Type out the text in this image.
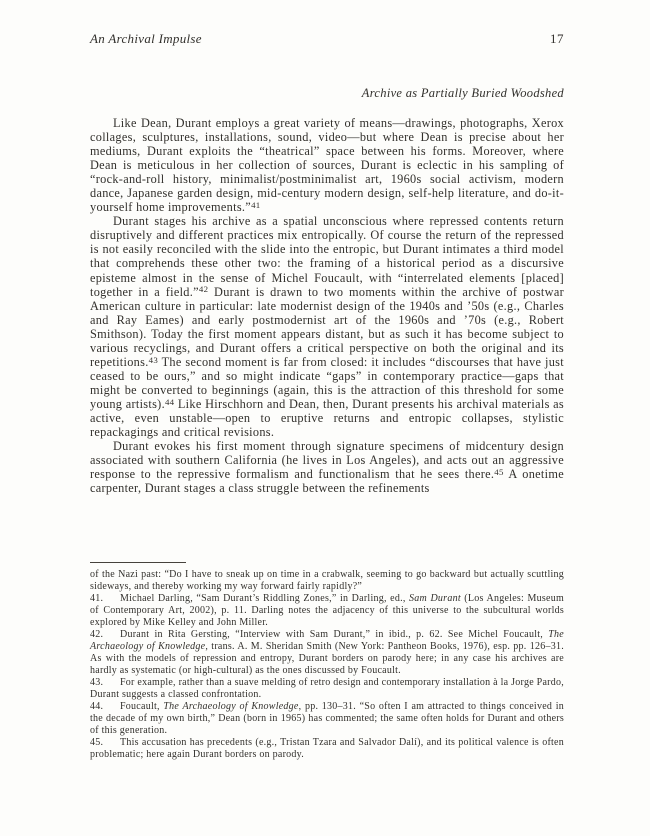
An Archival Impulse	17
Archive as Partially Buried Woodshed

Like Dean, Durant employs a great variety of means—drawings, photographs, Xerox collages, sculptures, installations, sound, video—but where Dean is precise about her mediums, Durant exploits the “theatrical” space between his forms. Moreover, where Dean is meticulous in her collection of sources, Durant is eclectic in his sampling of “rock-and-roll history, minimalist/postminimalist art, 1960s social activism, modern dance, Japanese garden design, mid-century modern design, self-help literature, and do-it-yourself home improvements.”$^{41}$

Durant stages his archive as a spatial unconscious where repressed contents return disruptively and different practices mix entropically. Of course the return of the repressed is not easily reconciled with the slide into the entropic, but Durant intimates a third model that comprehends these other two: the framing of a historical period as a discursive episteme almost in the sense of Michel Foucault, with “interrelated elements [placed] together in a field.”$^{42}$ Durant is drawn to two moments within the archive of postwar American culture in particular: late modernist design of the 1940s and ’50s (e.g., Charles and Ray Eames) and early postmodernist art of the 1960s and ’70s (e.g., Robert Smithson). Today the first moment appears distant, but as such it has become subject to various recyclings, and Durant offers a critical perspective on both the original and its repetitions.$^{43}$ The second moment is far from closed: it includes “discourses that have just ceased to be ours,” and so might indicate “gaps” in contemporary practice—gaps that might be converted to beginnings (again, this is the attraction of this threshold for some young artists).$^{44}$ Like Hirschhorn and Dean, then, Durant presents his archival materials as active, even unstable—open to eruptive returns and entropic collapses, stylistic repackagings and critical revisions.

Durant evokes his first moment through signature specimens of midcentury design associated with southern California (he lives in Los Angeles), and acts out an aggressive response to the repressive formalism and functionalism that he sees there.$^{45}$ A onetime carpenter, Durant stages a class struggle between the refinements

of the Nazi past: “Do I have to sneak up on time in a crabwalk, seeming to go backward but actually scuttling sideways, and thereby working my way forward fairly rapidly?”

41. Michael Darling, “Sam Durant’s Riddling Zones,” in Darling, ed., Sam Durant (Los Angeles: Museum of Contemporary Art, 2002), p. 11. Darling notes the adjacency of this universe to the subcultural worlds explored by Mike Kelley and John Miller.

42. Durant in Rita Gersting, “Interview with Sam Durant,” in ibid., p. 62. See Michel Foucault, The Archaeology of Knowledge, trans. A. M. Sheridan Smith (New York: Pantheon Books, 1976), esp. pp. 126–31. As with the models of repression and entropy, Durant borders on parody here; in any case his archives are hardly as systematic (or high-cultural) as the ones discussed by Foucault.

43. For example, rather than a suave melding of retro design and contemporary installation à la Jorge Pardo, Durant suggests a classed confrontation.

44. Foucault, The Archaeology of Knowledge, pp. 130–31. “So often I am attracted to things conceived in the decade of my own birth,” Dean (born in 1965) has commented; the same often holds for Durant and others of this generation.

45. This accusation has precedents (e.g., Tristan Tzara and Salvador Dalí), and its political valence is often problematic; here again Durant borders on parody.
